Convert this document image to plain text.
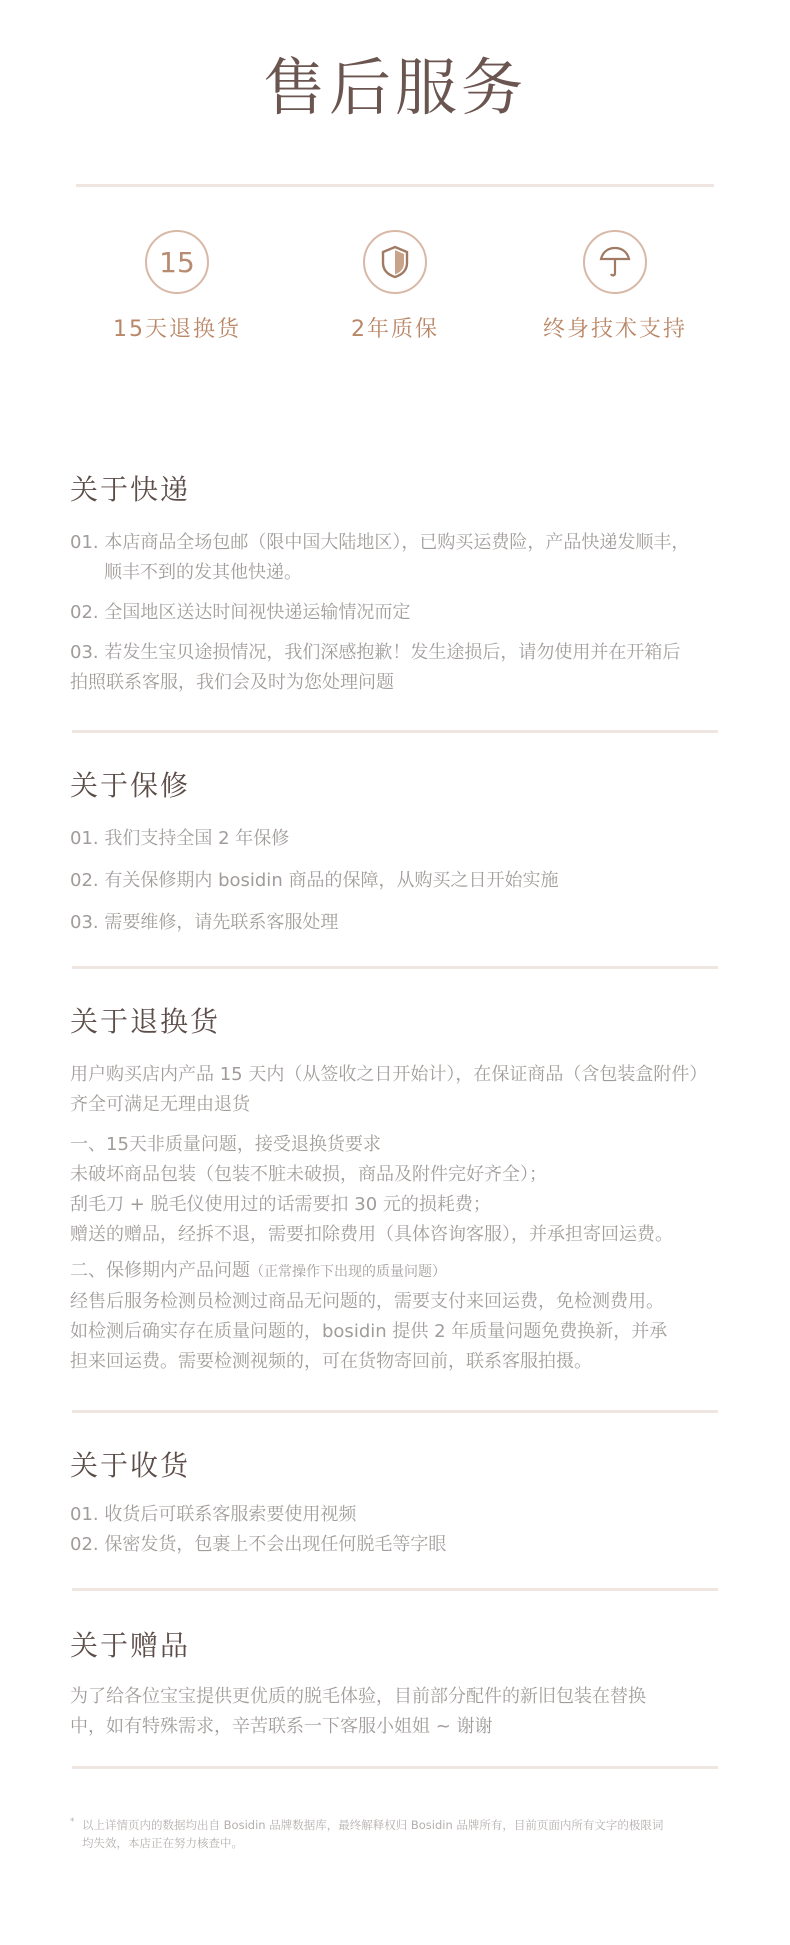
售后服务
15
15天退换货	2年质保	终身技术支持
关于快递

01. 本店商品全场包邮（限中国大陆地区），已购买运费险，产品快递发顺丰，

顺丰不到的发其他快递。

02. 全国地区送达时间视快递运输情况而定

03. 若发生宝贝途损情况，我们深感抱歉！发生途损后，请勿使用并在开箱后

拍照联系客服，我们会及时为您处理问题

关于保修

01. 我们支持全国 2 年保修

02. 有关保修期内 bosidin 商品的保障，从购买之日开始实施

03. 需要维修，请先联系客服处理

关于退换货

用户购买店内产品 15 天内（从签收之日开始计），在保证商品（含包装盒附件）

齐全可满足无理由退货

一、15天非质量问题，接受退换货要求

未破坏商品包装（包装不脏未破损，商品及附件完好齐全）；

刮毛刀 + 脱毛仪使用过的话需要扣 30 元的损耗费；

赠送的赠品，经拆不退，需要扣除费用（具体咨询客服），并承担寄回运费。

二、保修期内产品问题（正常操作下出现的质量问题）

经售后服务检测员检测过商品无问题的，需要支付来回运费，免检测费用。

如检测后确实存在质量问题的，bosidin 提供 2 年质量问题免费换新，并承

担来回运费。需要检测视频的，可在货物寄回前，联系客服拍摄。

关于收货

01. 收货后可联系客服索要使用视频

02. 保密发货，包裹上不会出现任何脱毛等字眼

关于赠品

为了给各位宝宝提供更优质的脱毛体验，目前部分配件的新旧包装在替换

中，如有特殊需求，辛苦联系一下客服小姐姐 ~ 谢谢

* 以上详情页内的数据均出自 Bosidin 品牌数据库，最终解释权归 Bosidin 品牌所有，目前页面内所有文字的极限词
均失效，本店正在努力核查中。
